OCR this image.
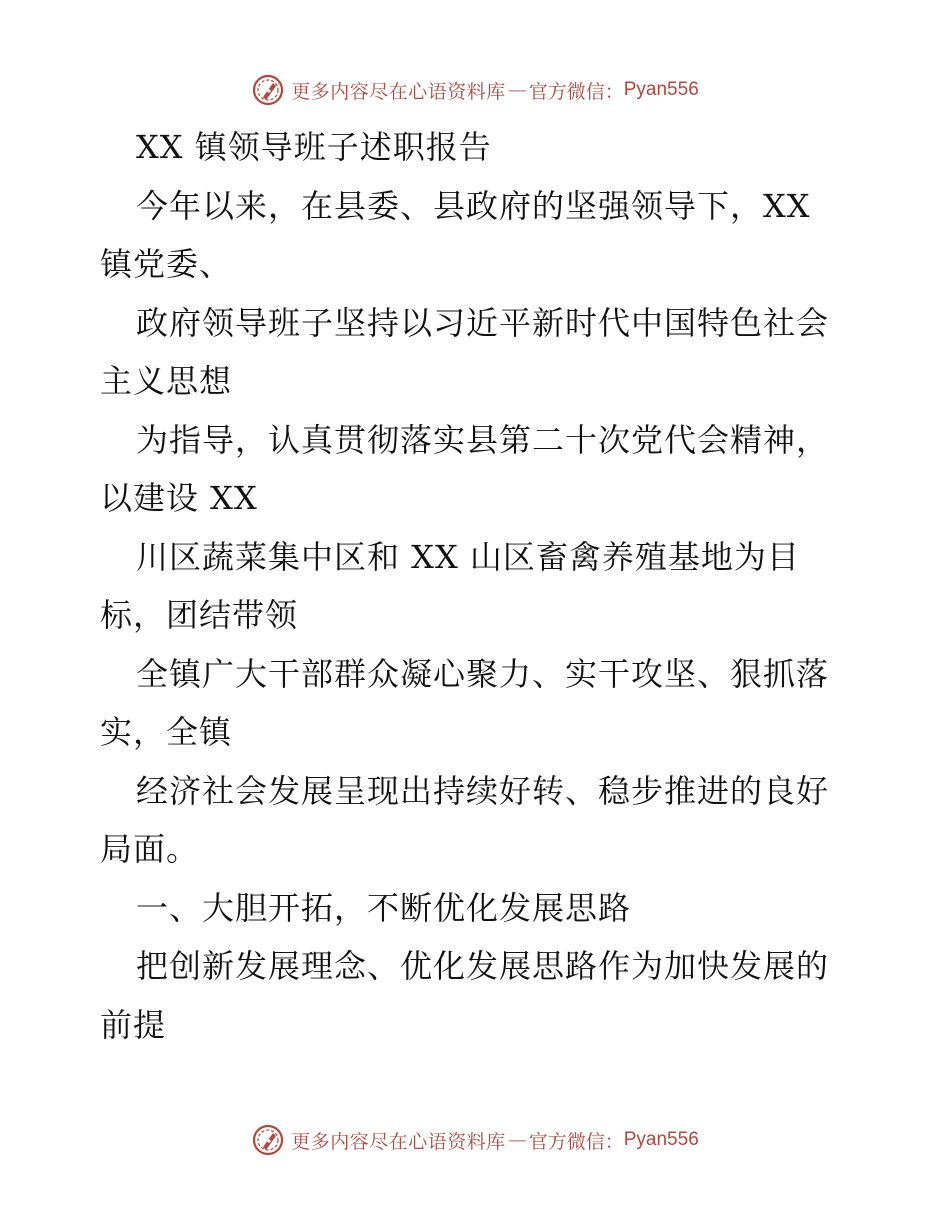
更多内容尽在心语资料库 — 官方微信： Pyan556
XX 镇领导班子述职报告
今年以来，在县委、县政府的坚强领导下，XX
镇党委、
政府领导班子坚持以习近平新时代中国特色社会
主义思想
为指导，认真贯彻落实县第二十次党代会精神，
以建设 XX
川区蔬菜集中区和 XX 山区畜禽养殖基地为目
标，团结带领
全镇广大干部群众凝心聚力、实干攻坚、狠抓落
实，全镇
经济社会发展呈现出持续好转、稳步推进的良好
局面。
一、大胆开拓，不断优化发展思路
把创新发展理念、优化发展思路作为加快发展的
前提
更多内容尽在心语资料库 — 官方微信： Pyan556
